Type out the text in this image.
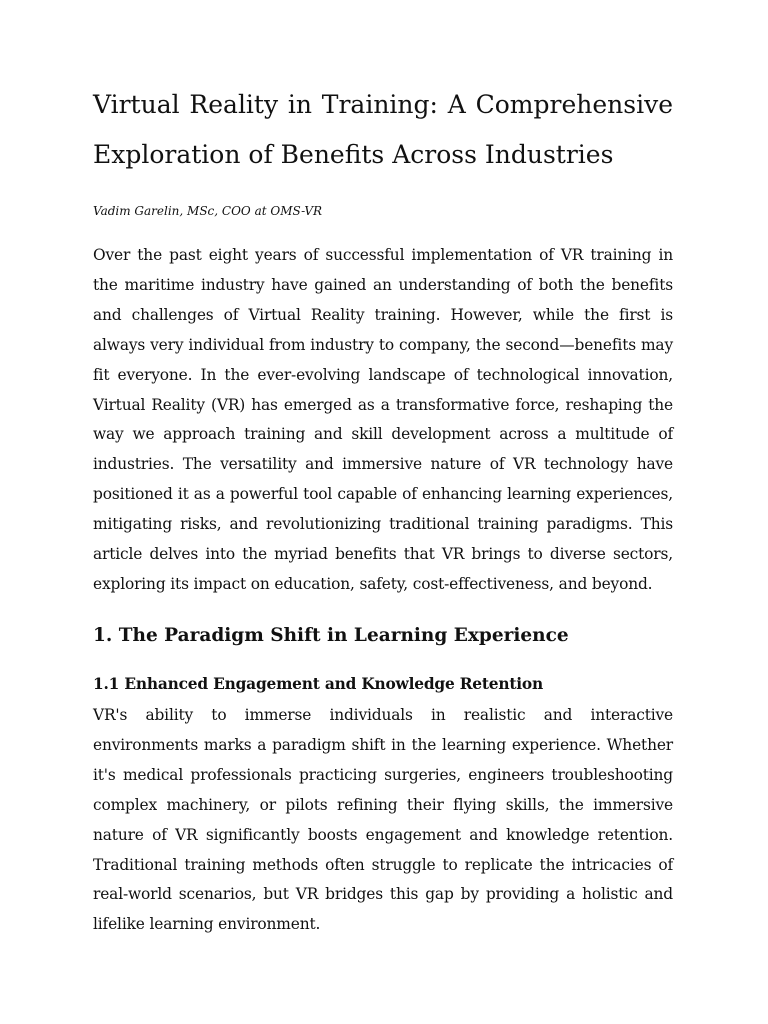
Virtual Reality in Training: A Comprehensive Exploration of Benefits Across Industries
Vadim Garelin, MSc, COO at OMS-VR

Over the past eight years of successful implementation of VR training in the maritime industry have gained an understanding of both the benefits and challenges of Virtual Reality training. However, while the first is always very individual from industry to company, the second—benefits may fit everyone. In the ever-evolving landscape of technological innovation, Virtual Reality (VR) has emerged as a transformative force, reshaping the way we approach training and skill development across a multitude of industries. The versatility and immersive nature of VR technology have positioned it as a powerful tool capable of enhancing learning experiences, mitigating risks, and revolutionizing traditional training paradigms. This article delves into the myriad benefits that VR brings to diverse sectors, exploring its impact on education, safety, cost-effectiveness, and beyond.

1. The Paradigm Shift in Learning Experience
1.1 Enhanced Engagement and Knowledge Retention

VR's ability to immerse individuals in realistic and interactive environments marks a paradigm shift in the learning experience. Whether it's medical professionals practicing surgeries, engineers troubleshooting complex machinery, or pilots refining their flying skills, the immersive nature of VR significantly boosts engagement and knowledge retention. Traditional training methods often struggle to replicate the intricacies of real-world scenarios, but VR bridges this gap by providing a holistic and lifelike learning environment.
